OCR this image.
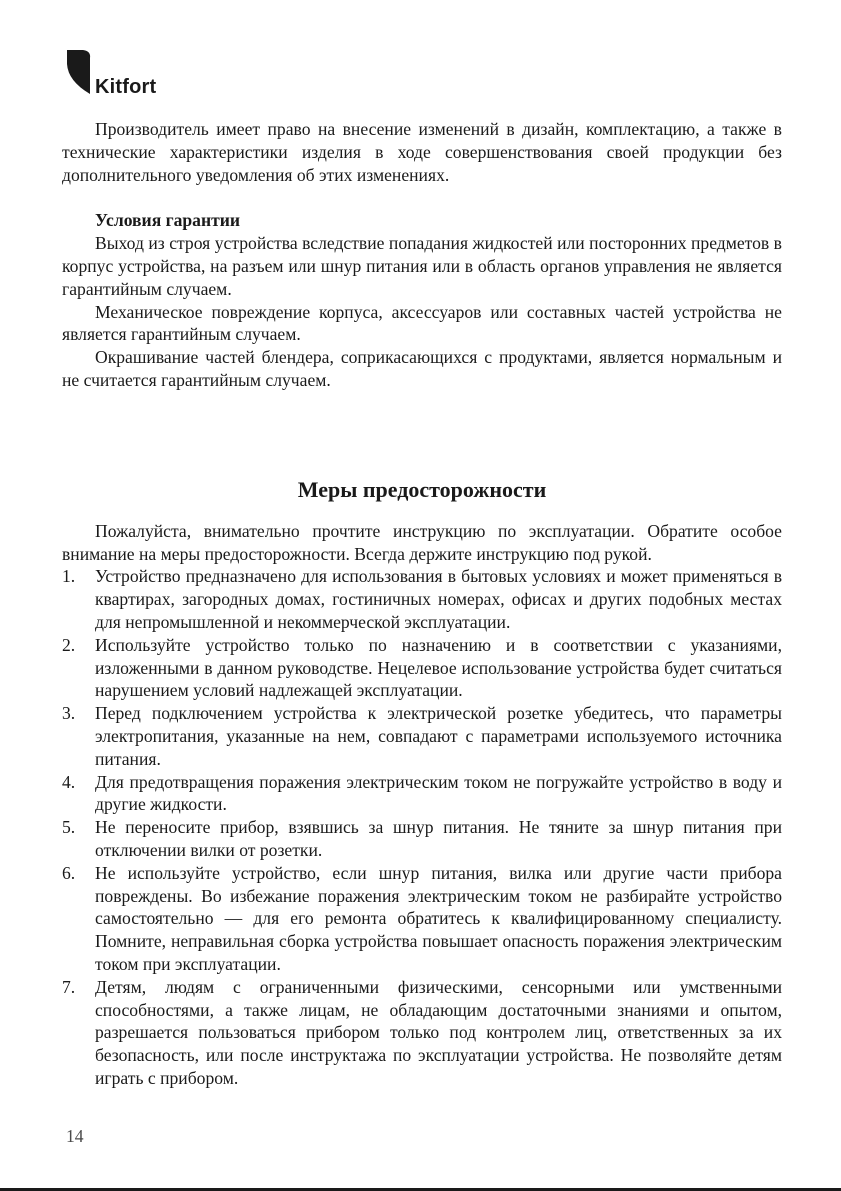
Kitfort

Производитель имеет право на внесение изменений в дизайн, комплектацию, а также в технические характеристики изделия в ходе совершенствования своей продукции без дополнительного уведомления об этих изменениях.

Условия гарантии

Выход из строя устройства вследствие попадания жидкостей или посторонних предметов в корпус устройства, на разъем или шнур питания или в область органов управления не является гарантийным случаем.

Механическое повреждение корпуса, аксессуаров или составных частей устройства не является гарантийным случаем.

Окрашивание частей блендера, соприкасающихся с продуктами, является нормальным и не считается гарантийным случаем.

Меры предосторожности

Пожалуйста, внимательно прочтите инструкцию по эксплуатации. Обратите особое внимание на меры предосторожности. Всегда держите инструкцию под рукой.

1. Устройство предназначено для использования в бытовых условиях и может применяться в квартирах, загородных домах, гостиничных номерах, офисах и других подобных местах для непромышленной и некоммерческой эксплуатации.
2. Используйте устройство только по назначению и в соответствии с указаниями, изложенными в данном руководстве. Нецелевое использование устройства будет считаться нарушением условий надлежащей эксплуатации.
3. Перед подключением устройства к электрической розетке убедитесь, что параметры электропитания, указанные на нем, совпадают с параметрами используемого источника питания.
4. Для предотвращения поражения электрическим током не погружайте устройство в воду и другие жидкости.
5. Не переносите прибор, взявшись за шнур питания. Не тяните за шнур питания при отключении вилки от розетки.
6. Не используйте устройство, если шнур питания, вилка или другие части прибора повреждены. Во избежание поражения электрическим током не разбирайте устройство самостоятельно — для его ремонта обратитесь к квалифицированному специалисту. Помните, неправильная сборка устройства повышает опасность поражения электрическим током при эксплуатации.
7. Детям, людям с ограниченными физическими, сенсорными или умственными способностями, а также лицам, не обладающим достаточными знаниями и опытом, разрешается пользоваться прибором только под контролем лиц, ответственных за их безопасность, или после инструктажа по эксплуатации устройства. Не позволяйте детям играть с прибором.
14
